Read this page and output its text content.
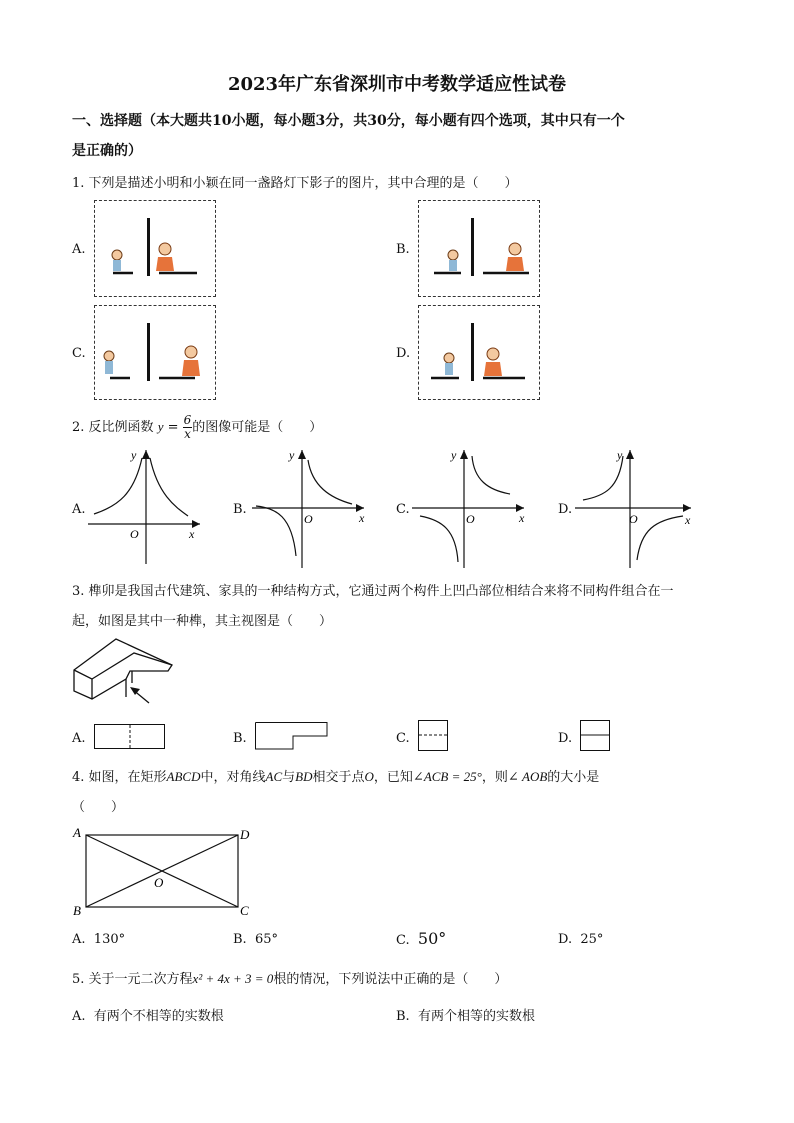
2023年广东省深圳市中考数学适应性试卷
一、选择题（本大题共10小题，每小题3分，共30分，每小题有四个选项，其中只有一个
是正确的）
1. 下列是描述小明和小颖在同一盏路灯下影子的图片，其中合理的是（　　）
A.	B.
C.	D.
2. 反比例函数 $y = \frac{6}{x}$ 的图像可能是（　　）
A.
y
x
O
B.
y
x
O
C.
y
x
O
D.
y
x
O
3. 榫卯是我国古代建筑、家具的一种结构方式，它通过两个构件上凹凸部位相结合来将不同构件组合在一
起，如图是其中一种榫，其主视图是（　　）
A.	B.	C.	D.
4. 如图，在矩形ABCD中，对角线AC与BD相交于点O，已知∠ACB = 25°，则∠ AOB的大小是
（　　）
A	D
B	C
O
A. 130°	B. 65°	C. 50°	D. 25°
5. 关于一元二次方程x² + 4x + 3 = 0根的情况，下列说法中正确的是（　　）
A. 有两个不相等的实数根	B. 有两个相等的实数根
